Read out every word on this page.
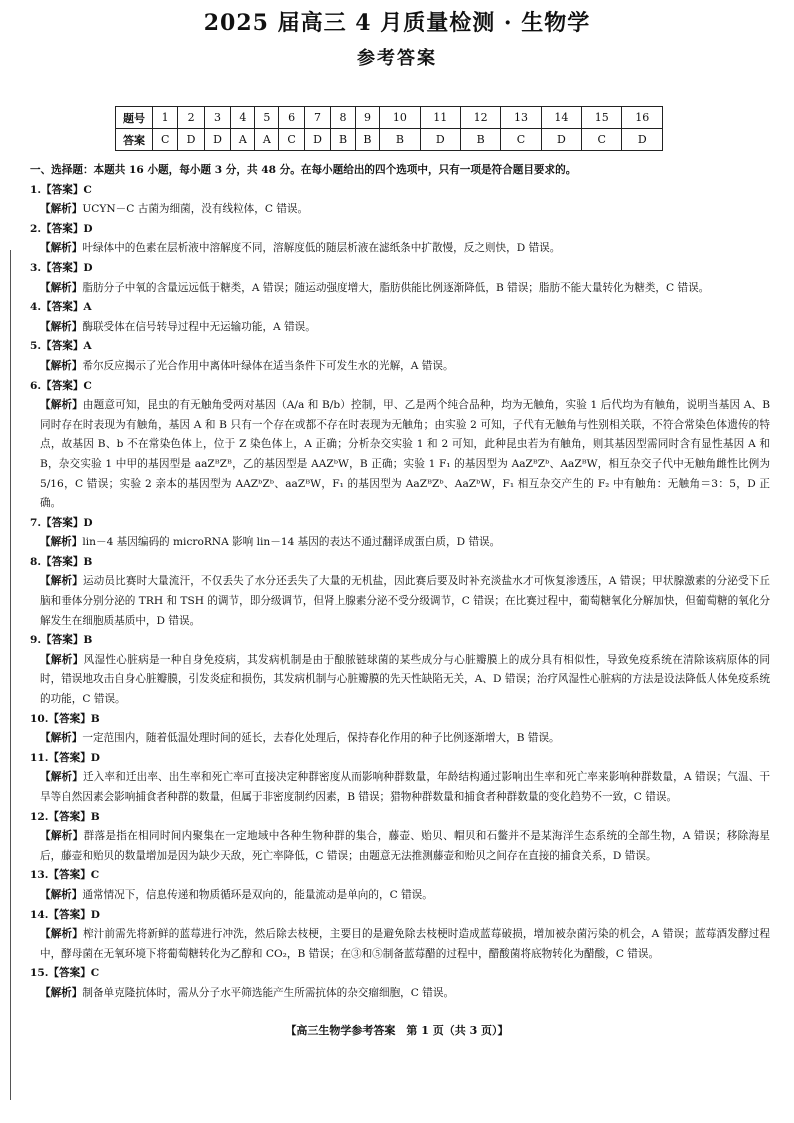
2025 届高三 4 月质量检测 · 生物学
参考答案
题号	1	2	3	4	5	6	7	8	9	10	11	12	13	14	15	16
答案	C	D	D	A	A	C	D	B	B	B	D	B	C	D	C	D
一、选择题：本题共 16 小题，每小题 3 分，共 48 分。在每小题给出的四个选项中，只有一项是符合题目要求的。
1.【答案】C
【解析】UCYN－C 古菌为细菌，没有线粒体，C 错误。
2.【答案】D
【解析】叶绿体中的色素在层析液中溶解度不同，溶解度低的随层析液在滤纸条中扩散慢，反之则快，D 错误。
3.【答案】D
【解析】脂肪分子中氧的含量远远低于糖类，A 错误；随运动强度增大，脂肪供能比例逐渐降低，B 错误；脂肪不能大量转化为糖类，C 错误。
4.【答案】A
【解析】酶联受体在信号转导过程中无运输功能，A 错误。
5.【答案】A
【解析】希尔反应揭示了光合作用中离体叶绿体在适当条件下可发生水的光解，A 错误。
6.【答案】C
【解析】由题意可知，昆虫的有无触角受两对基因（A/a 和 B/b）控制，甲、乙是两个纯合品种，均为无触角，实验 1 后代均为有触角，说明当基因 A、B 同时存在时表现为有触角，基因 A 和 B 只有一个存在或都不存在时表现为无触角；由实验 2 可知，子代有无触角与性别相关联，不符合常染色体遗传的特点，故基因 B、b 不在常染色体上，位于 Z 染色体上，A 正确；分析杂交实验 1 和 2 可知，此种昆虫若为有触角，则其基因型需同时含有显性基因 A 和 B，杂交实验 1 中甲的基因型是 aaZᴮZᴮ，乙的基因型是 AAZᵇW，B 正确；实验 1 F₁ 的基因型为 AaZᴮZᵇ、AaZᴮW，相互杂交子代中无触角雌性比例为 5/16，C 错误；实验 2 亲本的基因型为 AAZᵇZᵇ、aaZᴮW，F₁ 的基因型为 AaZᴮZᵇ、AaZᵇW，F₁ 相互杂交产生的 F₂ 中有触角：无触角＝3：5，D 正确。
7.【答案】D
【解析】lin－4 基因编码的 microRNA 影响 lin－14 基因的表达不通过翻译成蛋白质，D 错误。
8.【答案】B
【解析】运动员比赛时大量流汗，不仅丢失了水分还丢失了大量的无机盐，因此赛后要及时补充淡盐水才可恢复渗透压，A 错误；甲状腺激素的分泌受下丘脑和垂体分别分泌的 TRH 和 TSH 的调节，即分级调节，但肾上腺素分泌不受分级调节，C 错误；在比赛过程中，葡萄糖氧化分解加快，但葡萄糖的氧化分解发生在细胞质基质中，D 错误。
9.【答案】B
【解析】风湿性心脏病是一种自身免疫病，其发病机制是由于酿脓链球菌的某些成分与心脏瓣膜上的成分具有相似性，导致免疫系统在清除该病原体的同时，错误地攻击自身心脏瓣膜，引发炎症和损伤，其发病机制与心脏瓣膜的先天性缺陷无关，A、D 错误；治疗风湿性心脏病的方法是设法降低人体免疫系统的功能，C 错误。
10.【答案】B
【解析】一定范围内，随着低温处理时间的延长，去春化处理后，保持春化作用的种子比例逐渐增大，B 错误。
11.【答案】D
【解析】迁入率和迁出率、出生率和死亡率可直接决定种群密度从而影响种群数量，年龄结构通过影响出生率和死亡率来影响种群数量，A 错误；气温、干旱等自然因素会影响捕食者种群的数量，但属于非密度制约因素，B 错误；猎物种群数量和捕食者种群数量的变化趋势不一致，C 错误。
12.【答案】B
【解析】群落是指在相同时间内聚集在一定地域中各种生物种群的集合，藤壶、贻贝、帽贝和石鳖并不是某海洋生态系统的全部生物，A 错误；移除海星后，藤壶和贻贝的数量增加是因为缺少天敌，死亡率降低，C 错误；由题意无法推测藤壶和贻贝之间存在直接的捕食关系，D 错误。
13.【答案】C
【解析】通常情况下，信息传递和物质循环是双向的，能量流动是单向的，C 错误。
14.【答案】D
【解析】榨汁前需先将新鲜的蓝莓进行冲洗，然后除去枝梗，主要目的是避免除去枝梗时造成蓝莓破损，增加被杂菌污染的机会，A 错误；蓝莓酒发酵过程中，酵母菌在无氧环境下将葡萄糖转化为乙醇和 CO₂，B 错误；在③和⑤制备蓝莓醋的过程中，醋酸菌将底物转化为醋酸，C 错误。
15.【答案】C
【解析】制备单克隆抗体时，需从分子水平筛选能产生所需抗体的杂交瘤细胞，C 错误。
【高三生物学参考答案　第 1 页（共 3 页）】
